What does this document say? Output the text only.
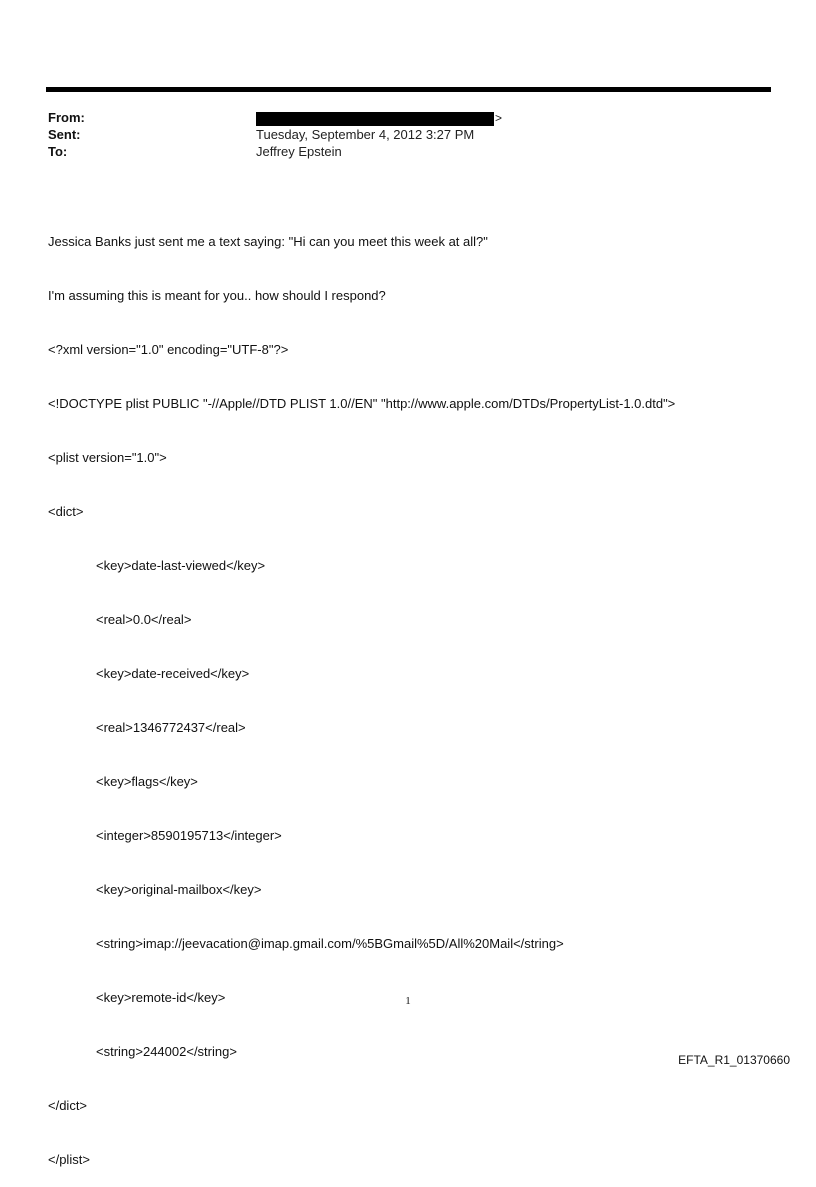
From:	>
Sent:	Tuesday, September 4, 2012 3:27 PM
To:	Jeffrey Epstein

Jessica Banks just sent me a text saying: "Hi can you meet this week at all?"

I'm assuming this is meant for you.. how should I respond?

<?xml version="1.0" encoding="UTF-8"?>

<!DOCTYPE plist PUBLIC "-//Apple//DTD PLIST 1.0//EN" "http://www.apple.com/DTDs/PropertyList-1.0.dtd">

<plist version="1.0">

<dict>

<key>date-last-viewed</key>

<real>0.0</real>

<key>date-received</key>

<real>1346772437</real>

<key>flags</key>

<integer>8590195713</integer>

<key>original-mailbox</key>

<string>imap://jeevacation@imap.gmail.com/%5BGmail%5D/All%20Mail</string>

<key>remote-id</key>

<string>244002</string>

</dict>

</plist>

1
EFTA_R1_01370660
